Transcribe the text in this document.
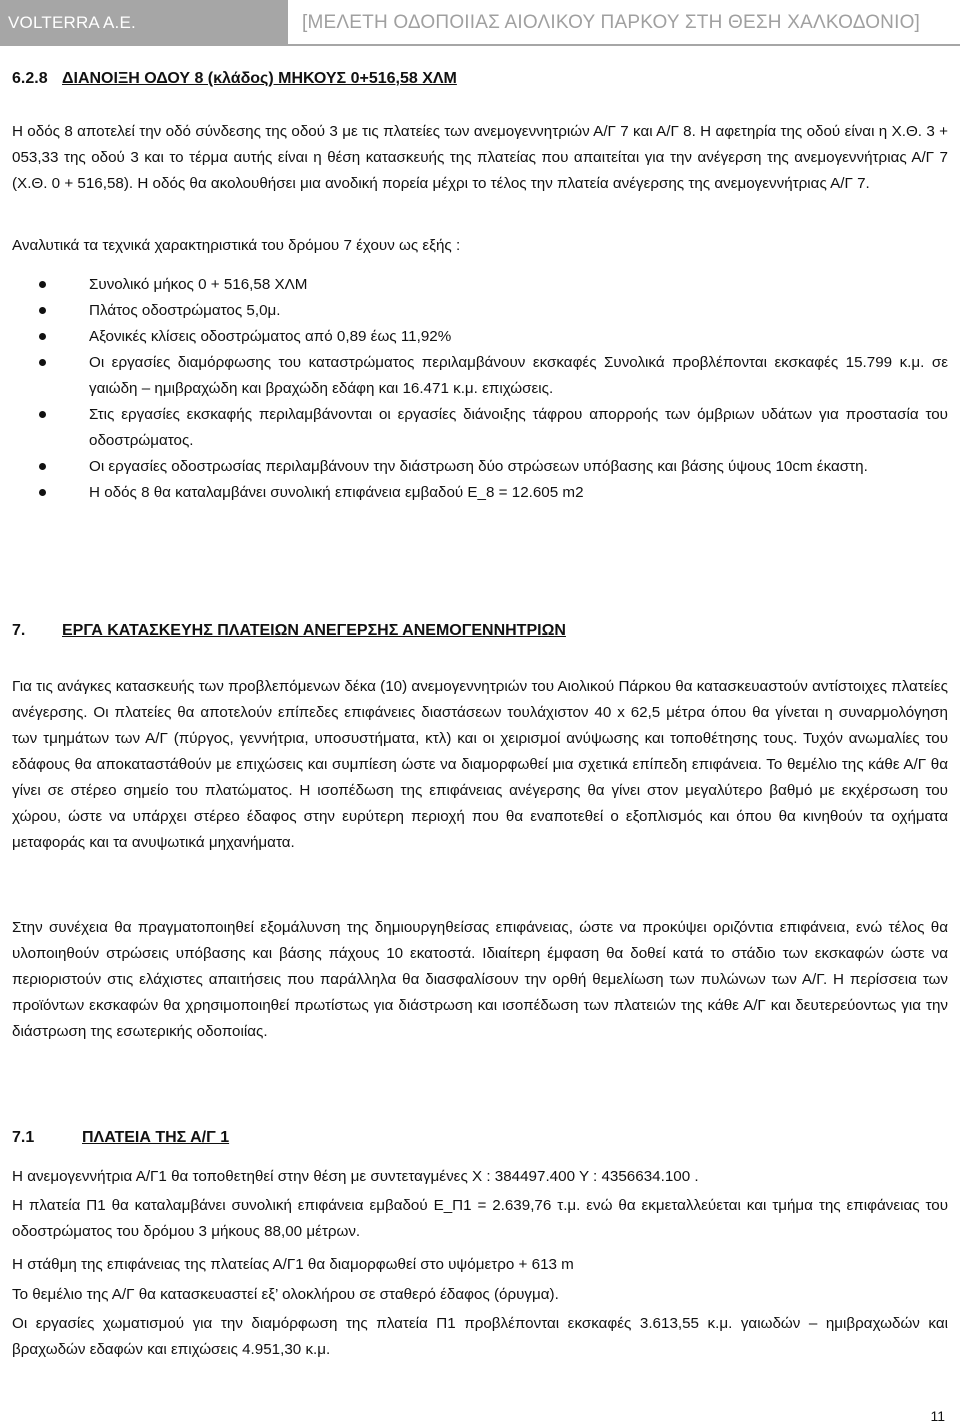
VOLTERRA A.E.	[ΜΕΛΕΤΗ ΟΔΟΠΟΙΙΑΣ ΑΙΟΛΙΚΟΥ ΠΑΡΚΟΥ ΣΤΗ ΘΕΣΗ ΧΑΛΚΟΔΟΝΙΟ]
6.2.8 ΔΙΑΝΟΙΞΗ ΟΔΟΥ 8 (κλάδος) ΜΗΚΟΥΣ 0+516,58 ΧΛΜ
Η οδός 8 αποτελεί την οδό σύνδεσης της οδού 3 με τις πλατείες των ανεμογεννητριών Α/Γ 7 και Α/Γ 8. Η αφετηρία της οδού είναι η Χ.Θ. 3 + 053,33 της οδού 3 και το τέρμα αυτής είναι η θέση κατασκευής της πλατείας που απαιτείται για την ανέγερση της ανεμογεννήτριας Α/Γ 7 (Χ.Θ. 0 + 516,58). Η οδός θα ακολουθήσει μια ανοδική πορεία μέχρι το τέλος την πλατεία ανέγερσης της ανεμογεννήτριας Α/Γ 7.
Αναλυτικά τα τεχνικά χαρακτηριστικά του δρόμου 7 έχουν ως εξής :
Συνολικό μήκος 0 + 516,58 ΧΛΜ
Πλάτος οδοστρώματος 5,0μ.
Αξονικές κλίσεις οδοστρώματος από 0,89 έως 11,92%
Οι εργασίες διαμόρφωσης του καταστρώματος περιλαμβάνουν εκσκαφές Συνολικά προβλέπονται εκσκαφές 15.799 κ.μ. σε γαιώδη – ημιβραχώδη και βραχώδη εδάφη και 16.471 κ.μ. επιχώσεις.
Στις εργασίες εκσκαφής περιλαμβάνονται οι εργασίες διάνοιξης τάφρου απορροής των όμβριων υδάτων για προστασία του οδοστρώματος.
Οι εργασίες οδοστρωσίας περιλαμβάνουν την διάστρωση δύο στρώσεων υπόβασης και βάσης ύψους 10cm έκαστη.
Η οδός 8 θα καταλαμβάνει συνολική επιφάνεια εμβαδού Ε_8 = 12.605 m2
7. ΕΡΓΑ ΚΑΤΑΣΚΕΥΗΣ ΠΛΑΤΕΙΩΝ ΑΝΕΓΕΡΣΗΣ ΑΝΕΜΟΓΕΝΝΗΤΡΙΩΝ
Για τις ανάγκες κατασκευής των προβλεπόμενων δέκα (10) ανεμογεννητριών του Αιολικού Πάρκου θα κατασκευαστούν αντίστοιχες πλατείες ανέγερσης. Οι πλατείες θα αποτελούν επίπεδες επιφάνειες διαστάσεων τουλάχιστον 40 x 62,5 μέτρα όπου θα γίνεται η συναρμολόγηση των τμημάτων των Α/Γ (πύργος, γεννήτρια, υποσυστήματα, κτλ) και οι χειρισμοί ανύψωσης και τοποθέτησης τους. Τυχόν ανωμαλίες του εδάφους θα αποκαταστάθούν με επιχώσεις και συμπίεση ώστε να διαμορφωθεί μια σχετικά επίπεδη επιφάνεια. Το θεμέλιο της κάθε Α/Γ θα γίνει σε στέρεο σημείο του πλατώματος. Η ισοπέδωση της επιφάνειας ανέγερσης θα γίνει στον μεγαλύτερο βαθμό με εκχέρσωση του χώρου, ώστε να υπάρχει στέρεο έδαφος στην ευρύτερη περιοχή που θα εναποτεθεί ο εξοπλισμός και όπου θα κινηθούν τα οχήματα μεταφοράς και τα ανυψωτικά μηχανήματα.
Στην συνέχεια θα πραγματοποιηθεί εξομάλυνση της δημιουργηθείσας επιφάνειας, ώστε να προκύψει οριζόντια επιφάνεια, ενώ τέλος θα υλοποιηθούν στρώσεις υπόβασης και βάσης πάχους 10 εκατοστά. Ιδιαίτερη έμφαση θα δοθεί κατά το στάδιο των εκσκαφών ώστε να περιοριστούν στις ελάχιστες απαιτήσεις που παράλληλα θα διασφαλίσουν την ορθή θεμελίωση των πυλώνων των Α/Γ. Η περίσσεια των προϊόντων εκσκαφών θα χρησιμοποιηθεί πρωτίστως για διάστρωση και ισοπέδωση των πλατειών της κάθε Α/Γ και δευτερεύοντως για την διάστρωση της εσωτερικής οδοποιίας.
7.1	ΠΛΑΤΕΙΑ ΤΗΣ Α/Γ 1
Η ανεμογεννήτρια Α/Γ1 θα τοποθετηθεί στην θέση με συντεταγμένες Χ : 384497.400 Υ : 4356634.100 .
Η πλατεία Π1 θα καταλαμβάνει συνολική επιφάνεια εμβαδού Ε_Π1 = 2.639,76 τ.μ. ενώ θα εκμεταλλεύεται και τμήμα της επιφάνειας του οδοστρώματος του δρόμου 3 μήκους 88,00 μέτρων.
Η στάθμη της επιφάνειας της πλατείας Α/Γ1 θα διαμορφωθεί στο υψόμετρο + 613 m
Το θεμέλιο της Α/Γ θα κατασκευαστεί εξ’ ολοκλήρου σε σταθερό έδαφος (όρυγμα).
Οι εργασίες χωματισμού για την διαμόρφωση της πλατεία Π1 προβλέπονται εκσκαφές 3.613,55 κ.μ. γαιωδών – ημιβραχωδών και βραχωδών εδαφών και επιχώσεις 4.951,30 κ.μ.
11
